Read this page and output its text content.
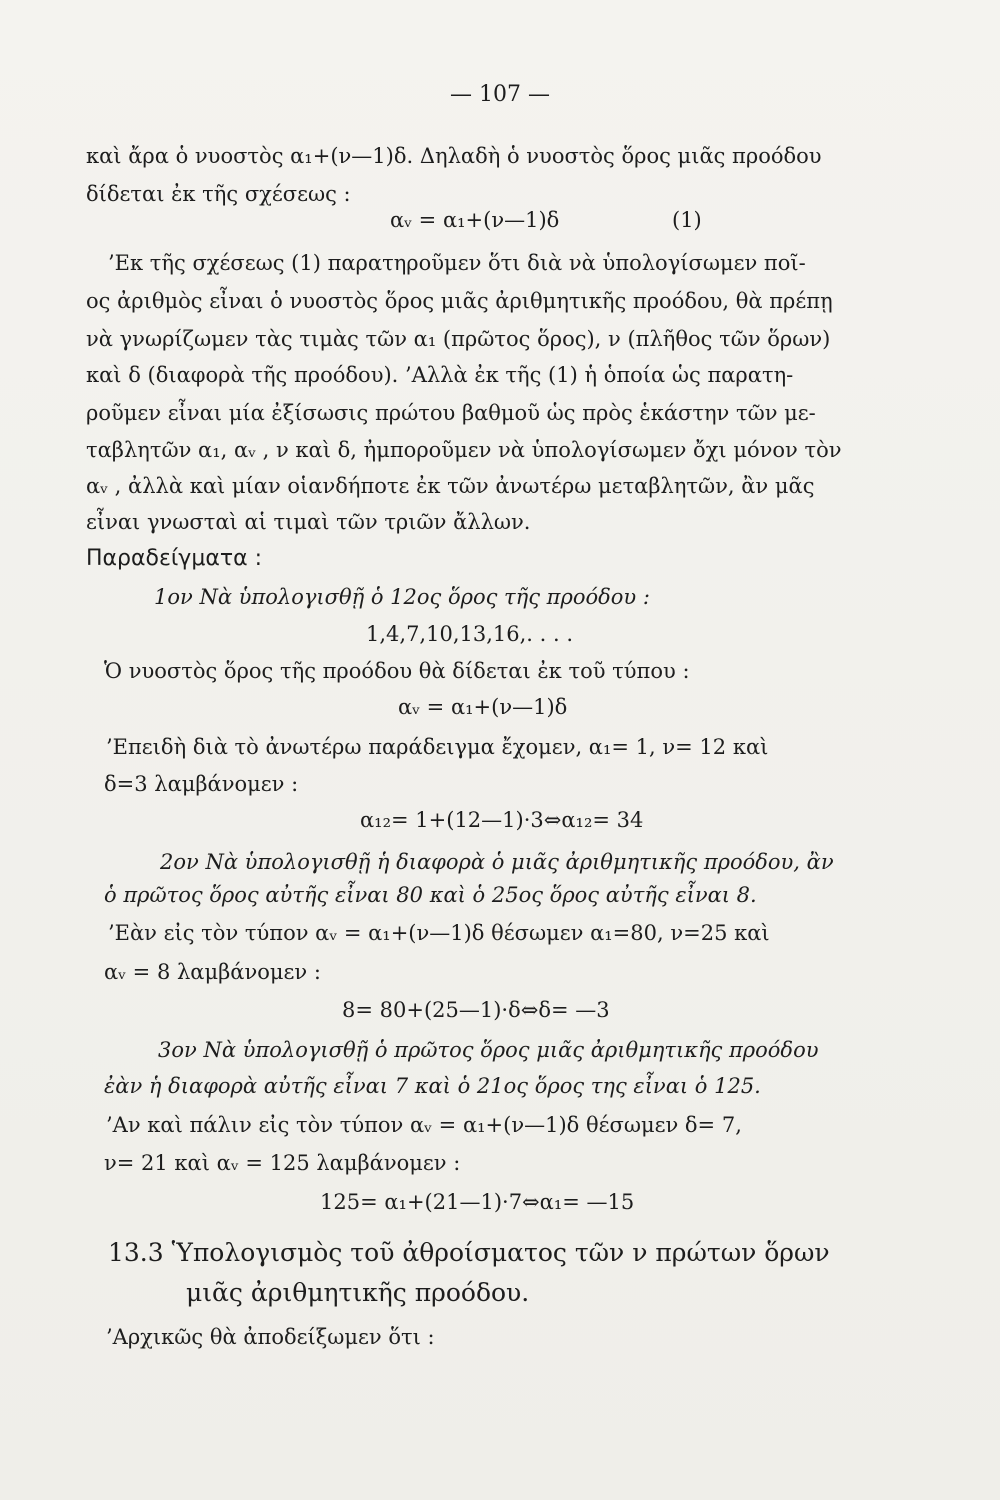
— 107 —
καὶ ἄρα ὁ νυοστὸς α₁+(ν—1)δ. Δηλαδὴ ὁ νυοστὸς ὅρος μιᾶς προόδου
δίδεται ἐκ τῆς σχέσεως :
αᵥ = α₁+(ν—1)δ	(1)
’Εκ τῆς σχέσεως (1) παρατηροῦμεν ὅτι διὰ νὰ ὑπολογίσωμεν ποῖ-
ος ἀριθμὸς εἶναι ὁ νυοστὸς ὅρος μιᾶς ἀριθμητικῆς προόδου, θὰ πρέπῃ
νὰ γνωρίζωμεν τὰς τιμὰς τῶν α₁ (πρῶτος ὅρος), ν (πλῆθος τῶν ὅρων)
καὶ δ (διαφορὰ τῆς προόδου). ’Αλλὰ ἐκ τῆς (1) ἡ ὁποία ὡς παρατη-
ροῦμεν εἶναι μία ἐξίσωσις πρώτου βαθμοῦ ὡς πρὸς ἑκάστην τῶν με-
ταβλητῶν α₁, αᵥ , ν καὶ δ, ἠμποροῦμεν νὰ ὑπολογίσωμεν ὄχι μόνον τὸν
αᵥ , ἀλλὰ καὶ μίαν οἱανδήποτε ἐκ τῶν ἀνωτέρω μεταβλητῶν, ἂν μᾶς
εἶναι γνωσταὶ αἱ τιμαὶ τῶν τριῶν ἄλλων.
Παραδείγματα :
1ον Νὰ ὑπολογισθῇ ὁ 12ος ὅρος τῆς προόδου :
1,4,7,10,13,16,. . . .
Ὁ νυοστὸς ὅρος τῆς προόδου θὰ δίδεται ἐκ τοῦ τύπου :
αᵥ = α₁+(ν—1)δ
’Επειδὴ διὰ τὸ ἀνωτέρω παράδειγμα ἔχομεν, α₁= 1, ν= 12 καὶ
δ=3 λαμβάνομεν :
α₁₂= 1+(12—1)·3⇔α₁₂= 34
2ον Νὰ ὑπολογισθῇ ἡ διαφορὰ ὁ μιᾶς ἀριθμητικῆς προόδου, ἂν
ὁ πρῶτος ὅρος αὐτῆς εἶναι 80 καὶ ὁ 25ος ὅρος αὐτῆς εἶναι 8.
’Εὰν εἰς τὸν τύπον αᵥ = α₁+(ν—1)δ θέσωμεν α₁=80, ν=25 καὶ
αᵥ = 8 λαμβάνομεν :
8= 80+(25—1)·δ⇔δ= —3
3ον Νὰ ὑπολογισθῇ ὁ πρῶτος ὅρος μιᾶς ἀριθμητικῆς προόδου
ἐὰν ἡ διαφορὰ αὐτῆς εἶναι 7 καὶ ὁ 21ος ὅρος της εἶναι ὁ 125.
’Αν καὶ πάλιν εἰς τὸν τύπον αᵥ = α₁+(ν—1)δ θέσωμεν δ= 7,
ν= 21 καὶ αᵥ = 125 λαμβάνομεν :
125= α₁+(21—1)·7⇔α₁= —15
13.3 Ὑπολογισμὸς τοῦ ἀθροίσματος τῶν ν πρώτων ὅρων
μιᾶς ἀριθμητικῆς προόδου.
’Αρχικῶς θὰ ἀποδείξωμεν ὅτι :
